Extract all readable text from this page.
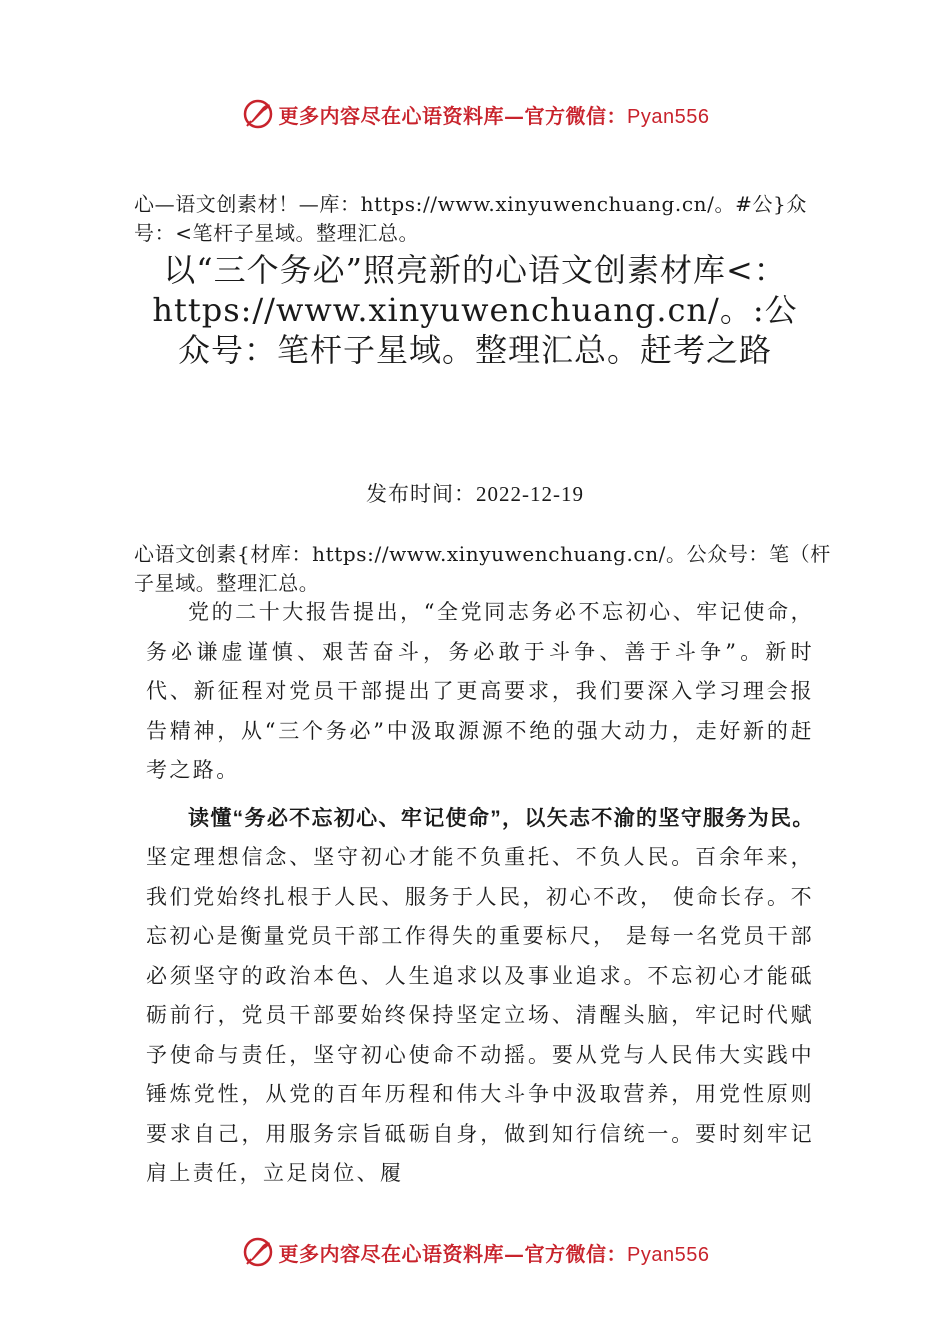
更多内容尽在心语资料库—官方微信：Pyan556
心—语文创素材！—库：https://www.xinyuwenchuang.cn/。#公}众号：<笔杆子星域。整理汇总。
以“三个务必”照亮新的心语文创素材库<：https://www.xinyuwenchuang.cn/。:公众号：笔杆子星域。整理汇总。赶考之路
发布时间：2022-12-19
心语文创素{材库：https://www.xinyuwenchuang.cn/。公众号：笔（杆子星域。整理汇总。

党的二十大报告提出，“全党同志务必不忘初心、牢记使命，务必谦虚谨慎、艰苦奋斗，务必敢于斗争、善于斗争”。新时代、新征程对党员干部提出了更高要求，我们要深入学习理会报告精神，从“三个务必”中汲取源源不绝的强大动力，走好新的赶考之路。

读懂“务必不忘初心、牢记使命”，以矢志不渝的坚守服务为民。坚定理想信念、坚守初心才能不负重托、不负人民。百余年来，我们党始终扎根于人民、服务于人民，初心不改， 使命长存。不忘初心是衡量党员干部工作得失的重要标尺， 是每一名党员干部必须坚守的政治本色、人生追求以及事业追求。不忘初心才能砥砺前行，党员干部要始终保持坚定立场、清醒头脑，牢记时代赋予使命与责任，坚守初心使命不动摇。要从党与人民伟大实践中锤炼党性，从党的百年历程和伟大斗争中汲取营养，用党性原则要求自己，用服务宗旨砥砺自身，做到知行信统一。要时刻牢记肩上责任，立足岗位、履

更多内容尽在心语资料库—官方微信：Pyan556
